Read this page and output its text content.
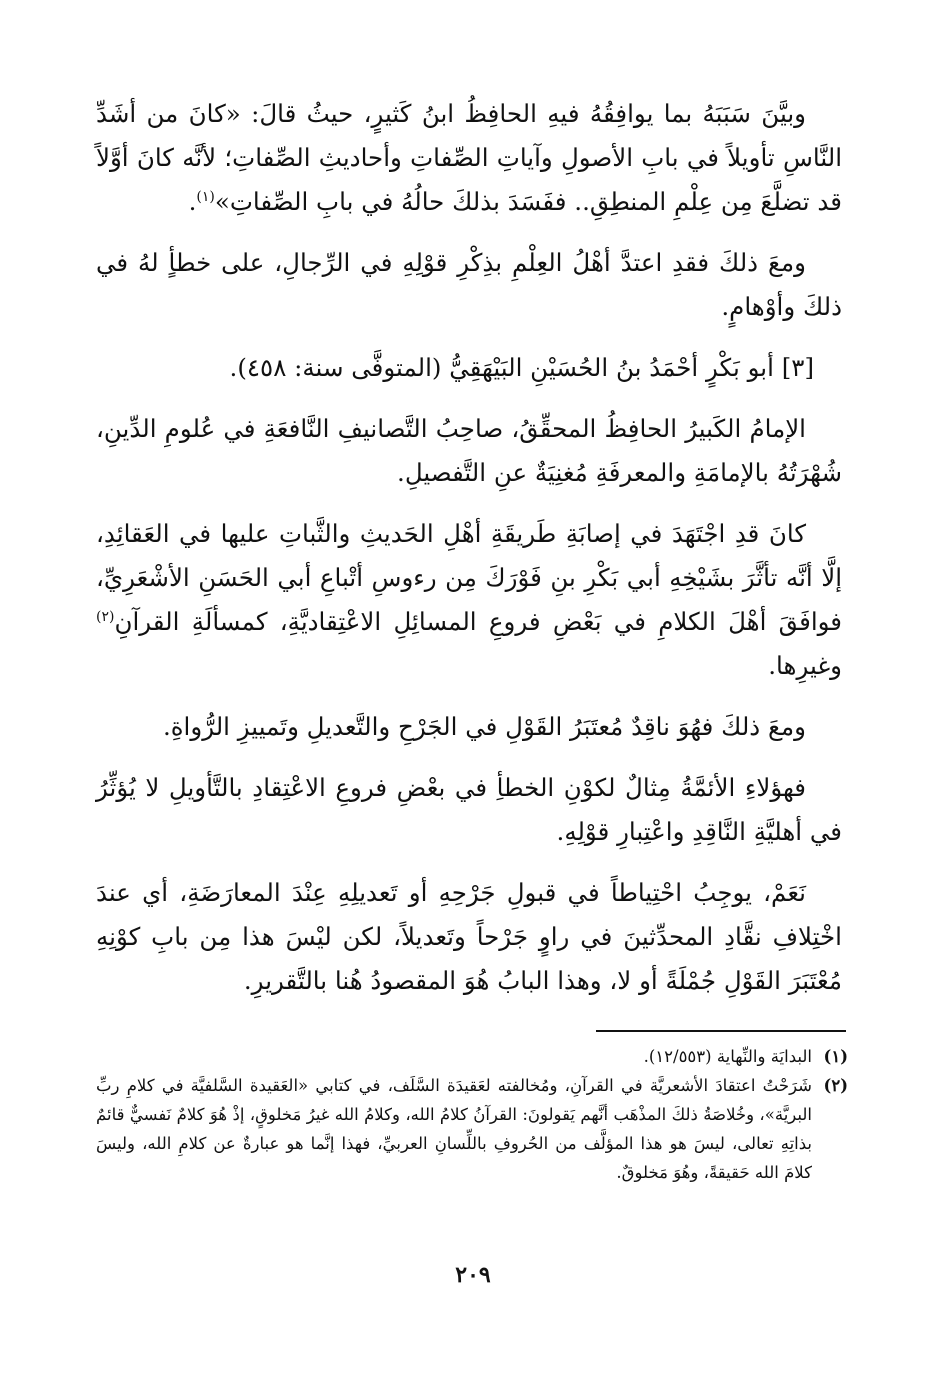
وبيَّنَ سَبَبَهُ بما يوافِقُهُ فيهِ الحافِظُ ابنُ كَثيرٍ، حيثُ قالَ: «كانَ من أشَدِّ النَّاسِ تأويلاً في بابِ الأصولِ وآياتِ الصِّفاتِ وأحاديثِ الصِّفاتِ؛ لأنَّه كانَ أوَّلاً قد تضلَّعَ مِن عِلْمِ المنطِقِ.. ففَسَدَ بذلكَ حالُهُ في بابِ الصِّفاتِ»$^{(١)}$.

ومعَ ذلكَ فقدِ اعتدَّ أهْلُ العِلْمِ بذِكْرِ قوْلِهِ في الرِّجالِ، على خطأٍ لهُ في ذلكَ وأوْهامٍ.

[٣] أبو بَكْرٍ أحْمَدُ بنُ الحُسَيْنِ البَيْهَقِيُّ (المتوفَّى سنة: ٤٥٨).

الإمامُ الكَبيرُ الحافِظُ المحقِّقُ، صاحِبُ التَّصانيفِ النَّافعَةِ في عُلومِ الدِّينِ، شُهْرَتُهُ بالإمامَةِ والمعرفَةِ مُغنِيَةٌ عنِ التَّفصيلِ.

كانَ قدِ اجْتَهَدَ في إصابَةِ طَريقَةِ أهْلِ الحَديثِ والثَّباتِ عليها في العَقائِدِ، إلَّا أنَّه تأثَّرَ بشَيْخِهِ أبي بَكْرِ بنِ فَوْرَكَ مِن رءوسِ أتْباعِ أبي الحَسَنِ الأشْعَرِيِّ، فوافَقَ أهْلَ الكلامِ في بَعْضِ فروعِ المسائِلِ الاعْتِقاديَّةِ، كمسألَةِ القرآنِ$^{(٢)}$ وغيرِها.

ومعَ ذلكَ فهُوَ ناقِدٌ مُعتَبَرُ القَوْلِ في الجَرْحِ والتَّعديلِ وتَمييزِ الرُّواةِ.

فهؤلاءِ الأئمَّةُ مِثالٌ لكوْنِ الخطأِ في بعْضِ فروعِ الاعْتِقادِ بالتَّأويلِ لا يُؤثِّرُ في أهليَّةِ النَّاقِدِ واعْتِبارِ قوْلِهِ.

نَعَمْ، يوجِبُ احْتِياطاً في قبولِ جَرْحِهِ أو تَعديلِهِ عِنْدَ المعارَضَةِ، أي عندَ اخْتِلافِ نقَّادِ المحدِّثينَ في راوٍ جَرْحاً وتَعديلاً، لكن ليْسَ هذا مِن بابِ كوْنِهِ مُعْتَبَرَ القَوْلِ جُمْلَةً أو لا، وهذا البابُ هُوَ المقصودُ هُنا بالتَّقريرِ.

(١)
البدايَة والنِّهاية (١٢/٥٥٣).
(٢)
شَرَحْتُ اعتقادَ الأشعريَّة في القرآنِ، ومُخالفته لعَقيدَة السَّلَف، في كتابي «العَقيدة السَّلفيَّة في كلامِ ربِّ البريَّة»، وخُلاصَةُ ذلكَ المذْهَب أنَّهم يَقولونَ: القرآنُ كلامُ الله، وكلامُ الله غيرُ مَخلوقٍ، إذْ هُوَ كلامٌ نَفسيٌّ قائمٌ بذاتِهِ تعالى، ليسَ هو هذا المؤلَّف من الحُروفِ باللِّسانِ العربيِّ، فهذا إنَّما هو عبارةٌ عن كلامِ الله، وليسَ كلامَ الله حَقيقةً، وهُوَ مَخلوقٌ.
٢٠٩
